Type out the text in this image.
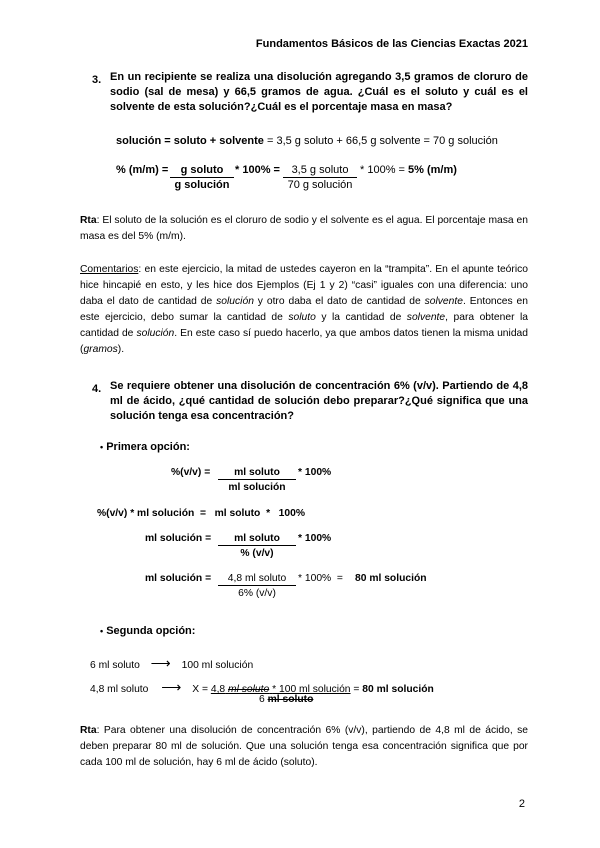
Fundamentos Básicos de las Ciencias Exactas 2021
3. En un recipiente se realiza una disolución agregando 3,5 gramos de cloruro de sodio (sal de mesa) y 66,5 gramos de agua. ¿Cuál es el soluto y cuál es el solvente de esta solución?¿Cuál es el porcentaje masa en masa?
solución = soluto + solvente = 3,5 g soluto + 66,5 g solvente = 70 g solución
% (m/m) =	g soluto
g solución
* 100% =	3,5 g soluto
70 g solución
* 100% = 5% (m/m)
Rta: El soluto de la solución es el cloruro de sodio y el solvente es el agua. El porcentaje masa en masa es del 5% (m/m).
Comentarios: en este ejercicio, la mitad de ustedes cayeron en la “trampita”. En el apunte teórico hice hincapié en esto, y les hice dos Ejemplos (Ej 1 y 2) “casi” iguales con una diferencia: uno daba el dato de cantidad de solución y otro daba el dato de cantidad de solvente. Entonces en este ejercicio, debo sumar la cantidad de soluto y la cantidad de solvente, para obtener la cantidad de solución. En este caso sí puedo hacerlo, ya que ambos datos tienen la misma unidad (gramos).
4. Se requiere obtener una disolución de concentración 6% (v/v). Partiendo de 4,8 ml de ácido, ¿qué cantidad de solución debo preparar?¿Qué significa que una solución tenga esa concentración?
• Primera opción:
%(v/v) =	ml soluto
ml solución
* 100%
%(v/v) * ml solución  =   ml soluto  *   100%
ml solución =	ml soluto
% (v/v)
* 100%
ml solución =	4,8 ml soluto
6% (v/v)
* 100%  = 80 ml solución
• Segunda opción:
6 ml soluto ⟶ 100 ml solución
4,8 ml soluto ⟶ X = 4,8 ml soluto * 100 ml solución = 80 ml solución
6 ml soluto
Rta: Para obtener una disolución de concentración 6% (v/v), partiendo de 4,8 ml de ácido, se deben preparar 80 ml de solución. Que una solución tenga esa concentración significa que por cada 100 ml de solución, hay 6 ml de ácido (soluto).
2
